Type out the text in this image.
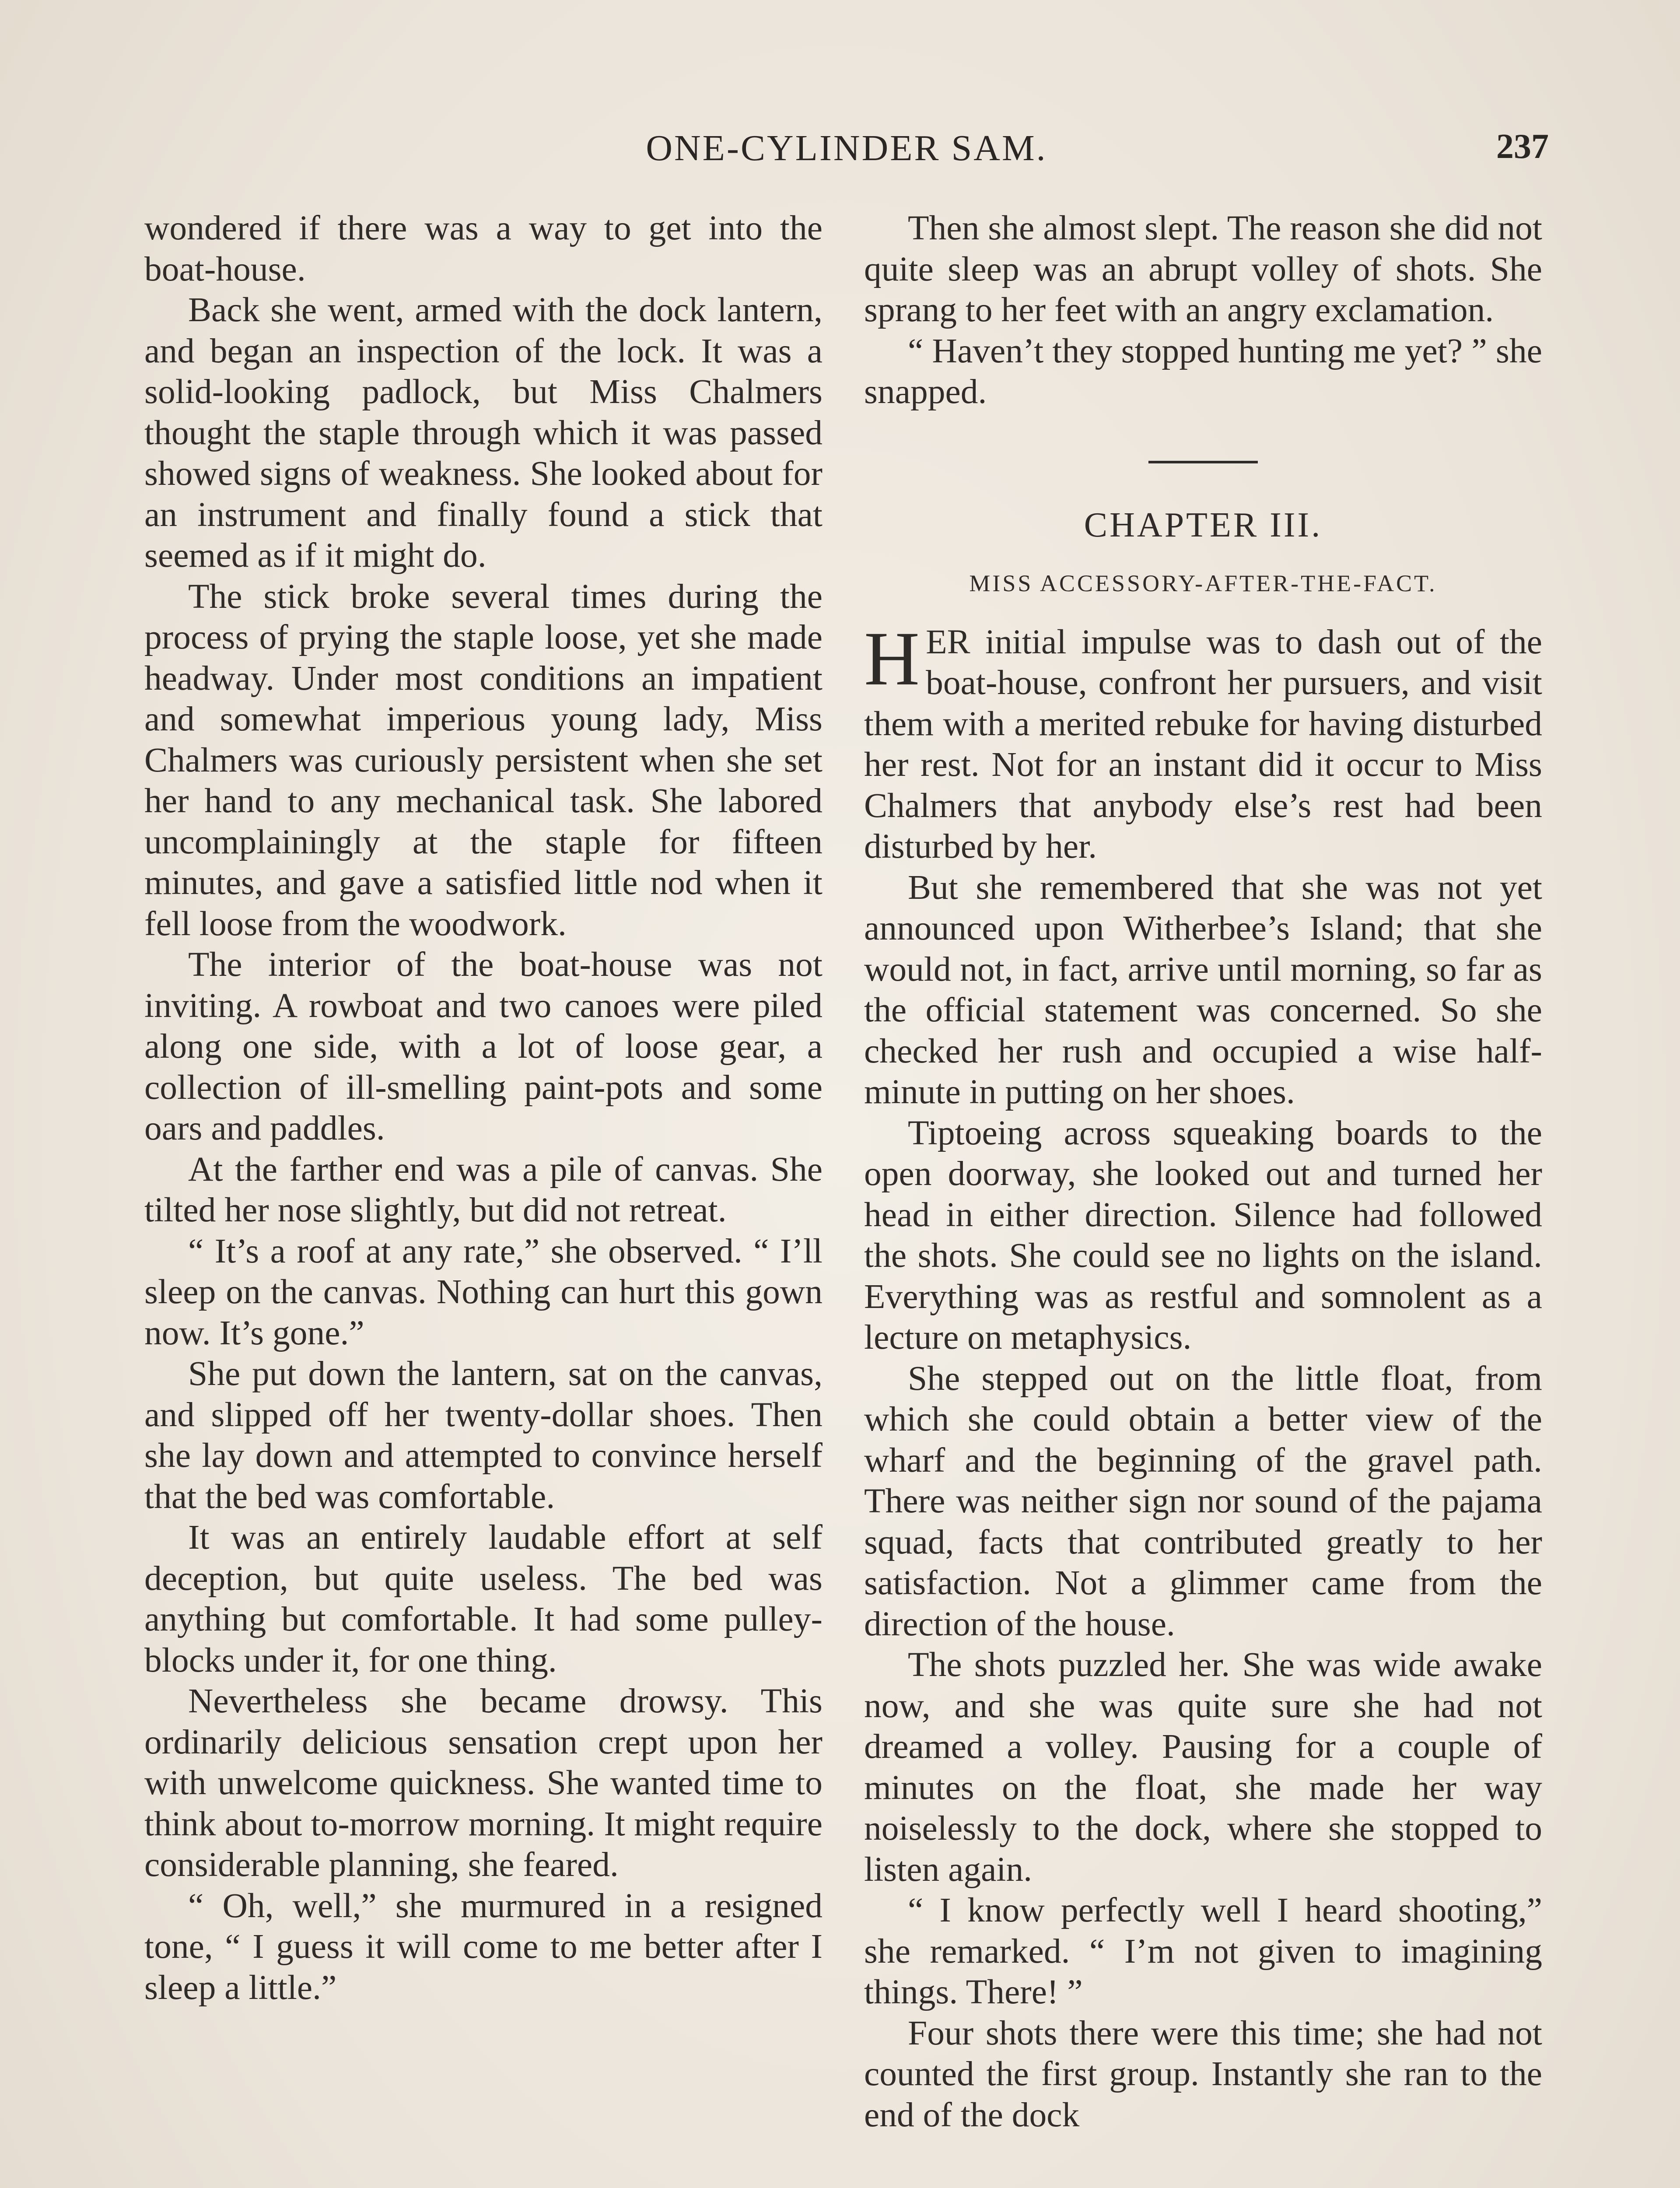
ONE-CYLINDER SAM.	237

wondered if there was a way to get into the boat-house.

Back she went, armed with the dock lantern, and began an inspection of the lock. It was a solid-looking padlock, but Miss Chalmers thought the staple through which it was passed showed signs of weakness. She looked about for an instrument and finally found a stick that seemed as if it might do.

The stick broke several times during the process of prying the staple loose, yet she made headway. Under most conditions an impatient and somewhat imperious young lady, Miss Chalmers was curiously persistent when she set her hand to any mechanical task. She labored uncomplainingly at the staple for fifteen minutes, and gave a satisfied little nod when it fell loose from the woodwork.

The interior of the boat-house was not inviting. A rowboat and two canoes were piled along one side, with a lot of loose gear, a collection of ill-smelling paint-pots and some oars and paddles.

At the farther end was a pile of canvas. She tilted her nose slightly, but did not retreat.

“ It’s a roof at any rate,” she observed. “ I’ll sleep on the canvas. Nothing can hurt this gown now. It’s gone.”

She put down the lantern, sat on the canvas, and slipped off her twenty-dollar shoes. Then she lay down and attempted to convince herself that the bed was comfortable.

It was an entirely laudable effort at self deception, but quite useless. The bed was anything but comfortable. It had some pulley-blocks under it, for one thing.

Nevertheless she became drowsy. This ordinarily delicious sensation crept upon her with unwelcome quickness. She wanted time to think about to-morrow morning. It might require considerable planning, she feared.

“ Oh, well,” she murmured in a resigned tone, “ I guess it will come to me better after I sleep a little.”

Then she almost slept. The reason she did not quite sleep was an abrupt volley of shots. She sprang to her feet with an angry exclamation.

“ Haven’t they stopped hunting me yet? ” she snapped.

CHAPTER III.
MISS ACCESSORY-AFTER-THE-FACT.

HER initial impulse was to dash out of the boat-house, confront her pursuers, and visit them with a merited rebuke for having disturbed her rest. Not for an instant did it occur to Miss Chalmers that anybody else’s rest had been disturbed by her.

But she remembered that she was not yet announced upon Witherbee’s Island; that she would not, in fact, arrive until morning, so far as the official statement was concerned. So she checked her rush and occupied a wise half-minute in putting on her shoes.

Tiptoeing across squeaking boards to the open doorway, she looked out and turned her head in either direction. Silence had followed the shots. She could see no lights on the island. Everything was as restful and somnolent as a lecture on metaphysics.

She stepped out on the little float, from which she could obtain a better view of the wharf and the beginning of the gravel path. There was neither sign nor sound of the pajama squad, facts that contributed greatly to her satisfaction. Not a glimmer came from the direction of the house.

The shots puzzled her. She was wide awake now, and she was quite sure she had not dreamed a volley. Pausing for a couple of minutes on the float, she made her way noiselessly to the dock, where she stopped to listen again.

“ I know perfectly well I heard shooting,” she remarked. “ I’m not given to imagining things. There! ”

Four shots there were this time; she had not counted the first group. Instantly she ran to the end of the dock
